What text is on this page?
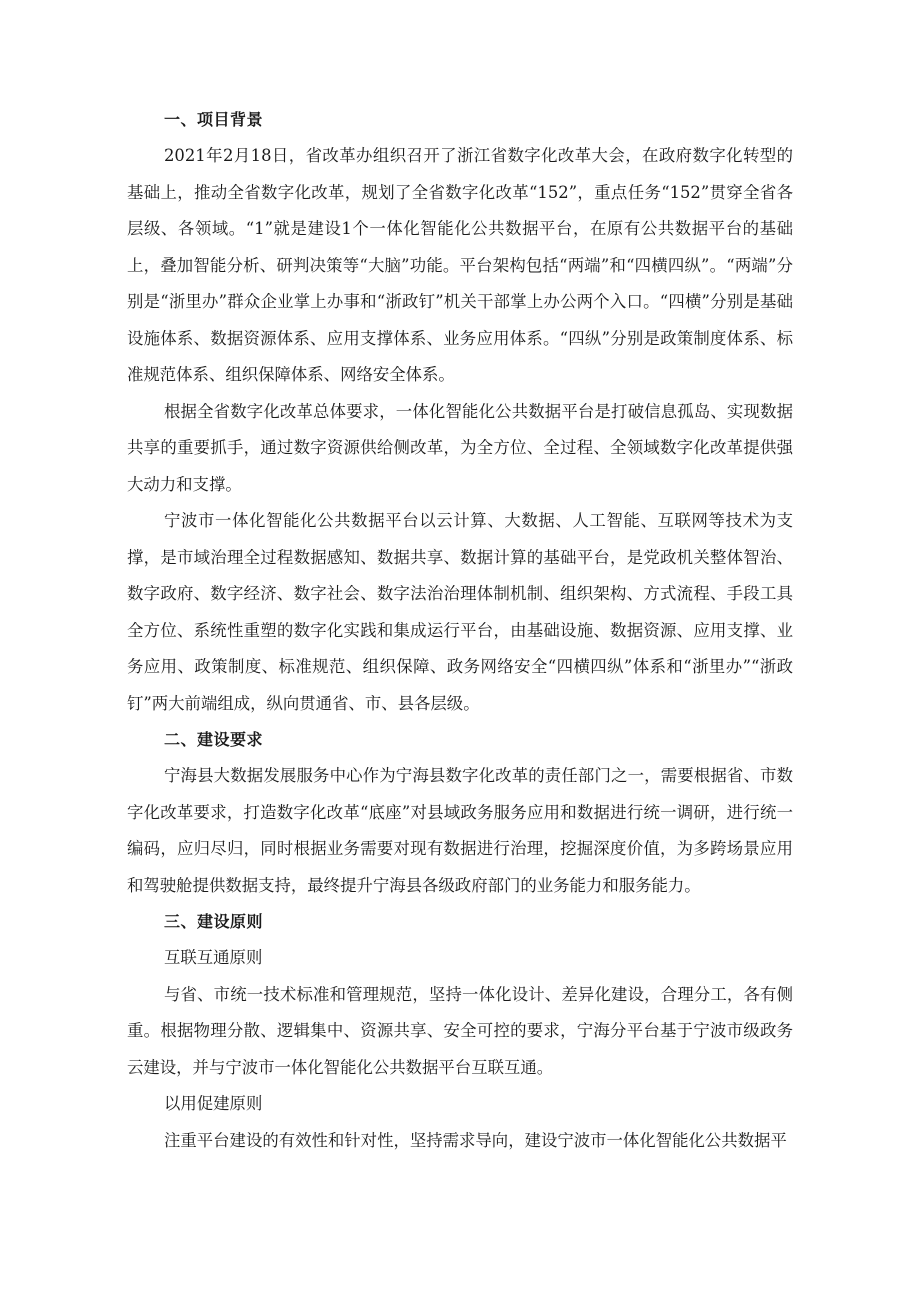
一、项目背景

2021年2月18日，省改革办组织召开了浙江省数字化改革大会，在政府数字化转型的基础上，推动全省数字化改革，规划了全省数字化改革“152”，重点任务“152”贯穿全省各层级、各领域。“1”就是建设1个一体化智能化公共数据平台，在原有公共数据平台的基础上，叠加智能分析、研判决策等“大脑”功能。平台架构包括“两端”和“四横四纵”。“两端”分别是“浙里办”群众企业掌上办事和“浙政钉”机关干部掌上办公两个入口。“四横”分别是基础设施体系、数据资源体系、应用支撑体系、业务应用体系。“四纵”分别是政策制度体系、标准规范体系、组织保障体系、网络安全体系。

根据全省数字化改革总体要求，一体化智能化公共数据平台是打破信息孤岛、实现数据共享的重要抓手，通过数字资源供给侧改革，为全方位、全过程、全领域数字化改革提供强大动力和支撑。

宁波市一体化智能化公共数据平台以云计算、大数据、人工智能、互联网等技术为支撑，是市域治理全过程数据感知、数据共享、数据计算的基础平台，是党政机关整体智治、数字政府、数字经济、数字社会、数字法治治理体制机制、组织架构、方式流程、手段工具全方位、系统性重塑的数字化实践和集成运行平台，由基础设施、数据资源、应用支撑、业务应用、政策制度、标准规范、组织保障、政务网络安全“四横四纵”体系和“浙里办”“浙政钉”两大前端组成，纵向贯通省、市、县各层级。

二、建设要求

宁海县大数据发展服务中心作为宁海县数字化改革的责任部门之一，需要根据省、市数字化改革要求，打造数字化改革“底座”对县域政务服务应用和数据进行统一调研，进行统一编码，应归尽归，同时根据业务需要对现有数据进行治理，挖掘深度价值，为多跨场景应用和驾驶舱提供数据支持，最终提升宁海县各级政府部门的业务能力和服务能力。

三、建设原则

互联互通原则

与省、市统一技术标准和管理规范，坚持一体化设计、差异化建设，合理分工，各有侧重。根据物理分散、逻辑集中、资源共享、安全可控的要求，宁海分平台基于宁波市级政务云建设，并与宁波市一体化智能化公共数据平台互联互通。

以用促建原则

注重平台建设的有效性和针对性，坚持需求导向，建设宁波市一体化智能化公共数据平
